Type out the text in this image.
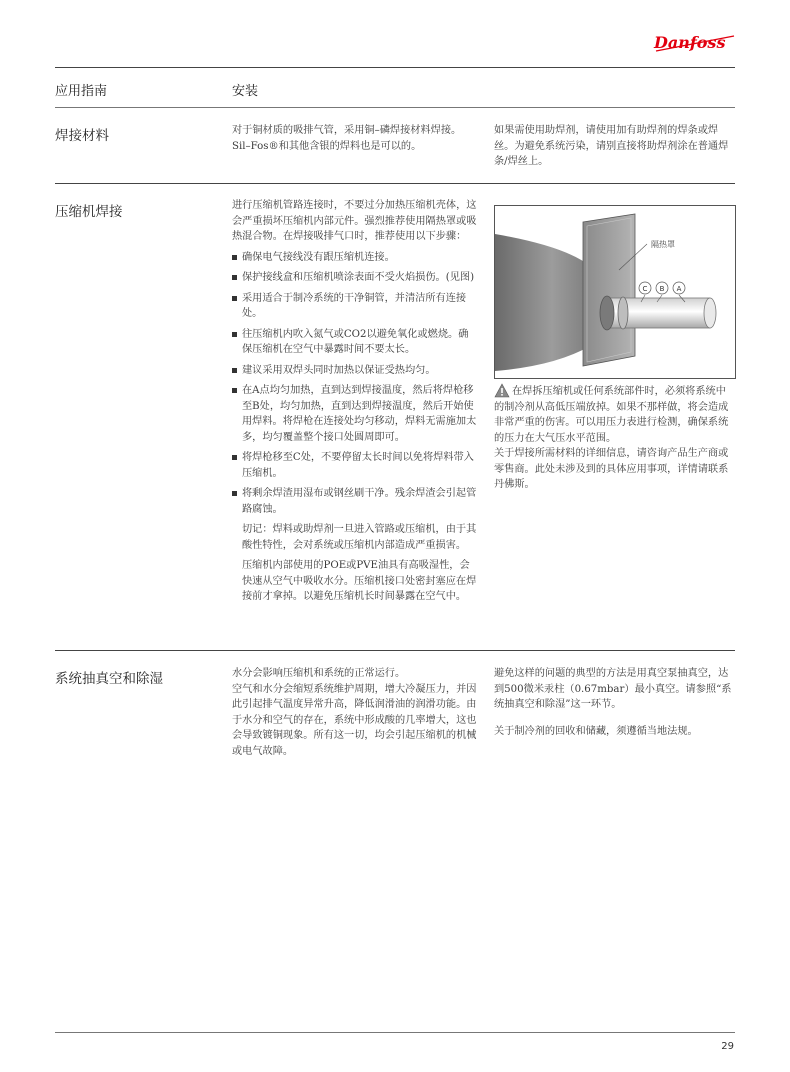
Danfoss
应用指南	安装
焊接材料	对于铜材质的吸排气管，采用铜–磷焊接材料焊接。Sil–Fos®和其他含银的焊料也是可以的。

如果需使用助焊剂，请使用加有助焊剂的焊条或焊丝。为避免系统污染，请别直接将助焊剂涂在普通焊条/焊丝上。

压缩机焊接	进行压缩机管路连接时，不要过分加热压缩机壳体，这会严重损坏压缩机内部元件。强烈推荐使用隔热罩或吸热混合物。在焊接吸排气口时，推荐使用以下步骤：

确保电气接线没有跟压缩机连接。
保护接线盒和压缩机喷涂表面不受火焰损伤。(见图)
采用适合于制冷系统的干净铜管，并清洁所有连接处。
往压缩机内吹入氮气或CO2以避免氧化或燃烧。确保压缩机在空气中暴露时间不要太长。
建议采用双焊头同时加热以保证受热均匀。
在A点均匀加热，直到达到焊接温度，然后将焊枪移至B处，均匀加热，直到达到焊接温度，然后开始使用焊料。将焊枪在连接处均匀移动，焊料无需施加太多，均匀覆盖整个接口处圆周即可。
将焊枪移至C处，不要停留太长时间以免将焊料带入压缩机。
将剩余焊渣用湿布或钢丝刷干净。残余焊渣会引起管路腐蚀。

切记：焊料或助焊剂一旦进入管路或压缩机，由于其酸性特性，会对系统或压缩机内部造成严重损害。

压缩机内部使用的POE或PVE油具有高吸湿性，会快速从空气中吸收水分。压缩机接口处密封塞应在焊接前才拿掉。以避免压缩机长时间暴露在空气中。

隔热罩
C B A

在焊拆压缩机或任何系统部件时，必须将系统中的制冷剂从高低压端放掉。如果不那样做，将会造成非常严重的伤害。可以用压力表进行检测，确保系统的压力在大气压水平范围。

关于焊接所需材料的详细信息，请咨询产品生产商或零售商。此处未涉及到的具体应用事项，详情请联系丹佛斯。

系统抽真空和除湿	水分会影响压缩机和系统的正常运行。

空气和水分会缩短系统维护周期，增大冷凝压力，并因此引起排气温度异常升高，降低润滑油的润滑功能。由于水分和空气的存在，系统中形成酸的几率增大，这也会导致镀铜现象。所有这一切，均会引起压缩机的机械或电气故障。

避免这样的问题的典型的方法是用真空泵抽真空，达到500微米汞柱（0.67mbar）最小真空。请参照“系统抽真空和除湿”这一环节。

关于制冷剂的回收和储藏，须遵循当地法规。

29
